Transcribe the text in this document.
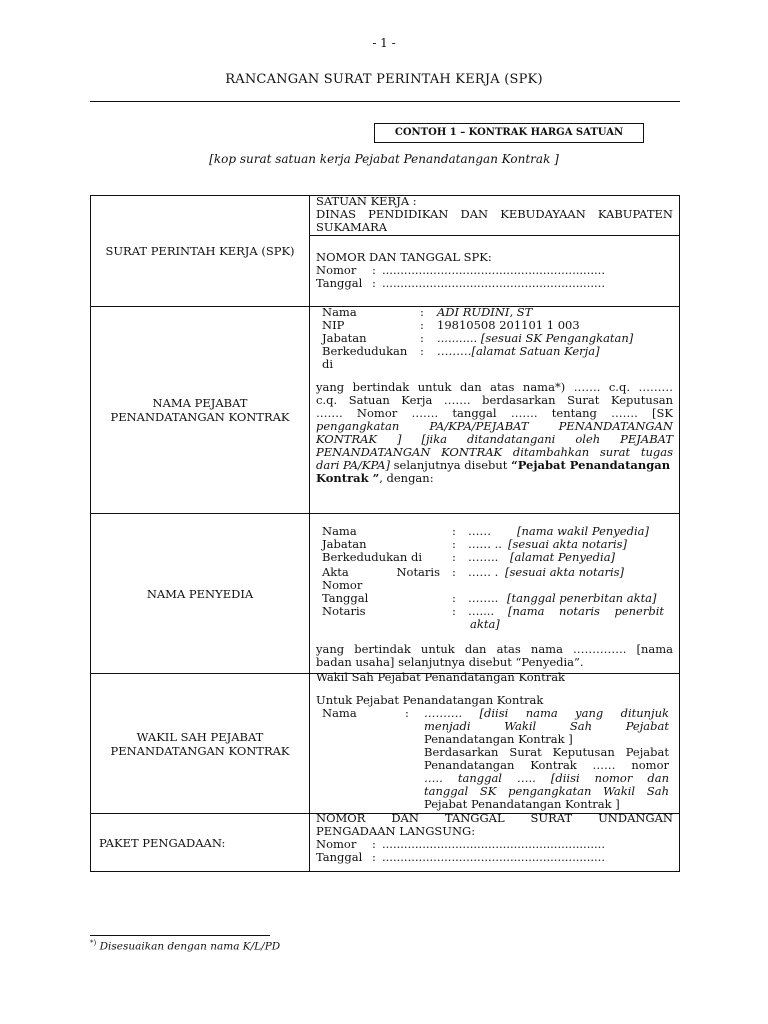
- 1 -
RANCANGAN SURAT PERINTAH KERJA (SPK)
CONTOH 1 – KONTRAK HARGA SATUAN
[kop surat satuan kerja Pejabat Penandatangan Kontrak ]
SURAT PERINTAH KERJA (SPK)
SATUAN KERJA :
DINAS PENDIDIKAN DAN KEBUDAYAAN KABUPATEN
SUKAMARA
NOMOR DAN TANGGAL SPK:
Nomor : .............................................................
Tanggal : .............................................................
NAMA PEJABAT
PENANDATANGAN KONTRAK
Nama	: ADI RUDINI, ST
NIP	: 19810508 201101 1 003
Jabatan	: ........... [sesuai SK Pengangkatan]
Berkedudukan : ………[alamat Satuan Kerja]
di
yang bertindak untuk dan atas nama*) ……. c.q. ………
c.q. Satuan Kerja ……. berdasarkan Surat Keputusan
……. Nomor ……. tanggal ……. tentang ……. [SK
pengangkatan PA/KPA/PEJABAT PENANDATANGAN
KONTRAK ] [jika ditandatangani oleh PEJABAT
PENANDATANGAN KONTRAK ditambahkan surat tugas
dari PA/KPA] selanjutnya disebut “Pejabat Penandatangan
Kontrak ”, dengan:
NAMA PENYEDIA
Nama	: …… [nama wakil Penyedia]
Jabatan	: …… .. [sesuai akta notaris]
Berkedudukan di	: …….. [alamat Penyedia]
Akta Notaris : …… . [sesuai akta notaris]
Nomor
Tanggal	: …….. [tanggal penerbitan akta]
Notaris	: ….... [nama notaris penerbit
akta]
yang bertindak untuk dan atas nama ………….. [nama
badan usaha] selanjutnya disebut “Penyedia”.
WAKIL SAH PEJABAT
PENANDATANGAN KONTRAK
Wakil Sah Pejabat Penandatangan Kontrak
Untuk Pejabat Penandatangan Kontrak
Nama	: ………. [diisi nama yang ditunjuk
menjadi Wakil Sah Pejabat
Penandatangan Kontrak ]
Berdasarkan Surat Keputusan Pejabat
Penandatangan Kontrak …… nomor
….. tanggal ….. [diisi nomor dan
tanggal SK pengangkatan Wakil Sah
Pejabat Penandatangan Kontrak ]
PAKET PENGADAAN:
NOMOR DAN TANGGAL SURAT UNDANGAN
PENGADAAN LANGSUNG:
Nomor : .............................................................
Tanggal : .............................................................
*) Disesuaikan dengan nama K/L/PD
